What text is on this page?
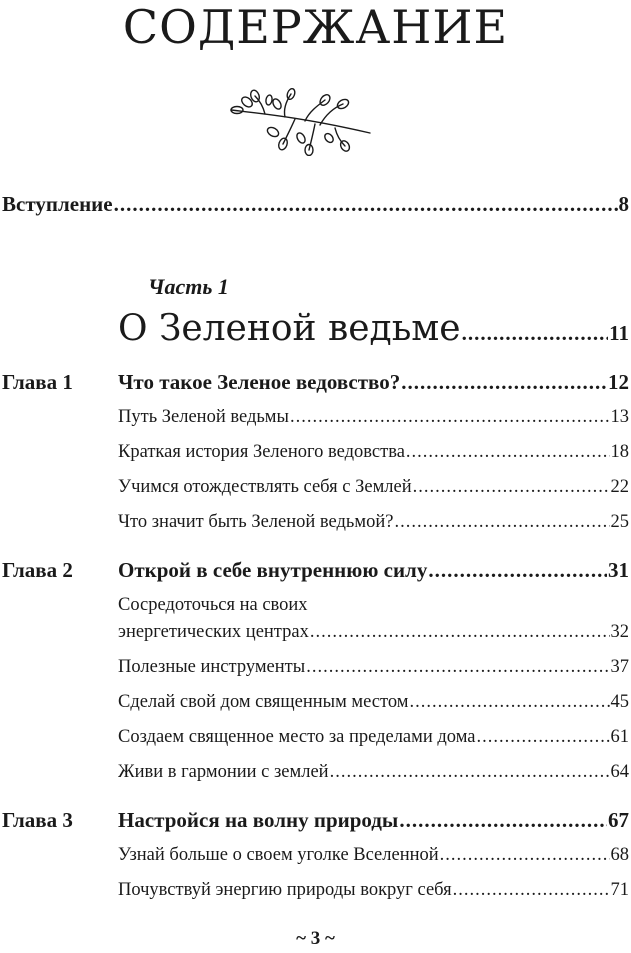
СОДЕРЖАНИЕ
Вступление .....	8
Часть 1
О Зеленой ведьме .....	11
Глава 1 Что такое Зеленое ведовство? .....	12
Путь Зеленой ведьмы .....	13
Краткая история Зеленого ведовства .....	18
Учимся отождествлять себя с Землей .....	22
Что значит быть Зеленой ведьмой? .....	25
Глава 2 Открой в себе внутреннюю силу .....	31
Сосредоточься на своих
энергетических центрах .....	32
Полезные инструменты .....	37
Сделай свой дом священным местом .....	45
Создаем священное место за пределами дома .....	61
Живи в гармонии с землей .....	64
Глава 3 Настройся на волну природы .....	67
Узнай больше о своем уголке Вселенной .....	68
Почувствуй энергию природы вокруг себя .....	71
~ 3 ~
